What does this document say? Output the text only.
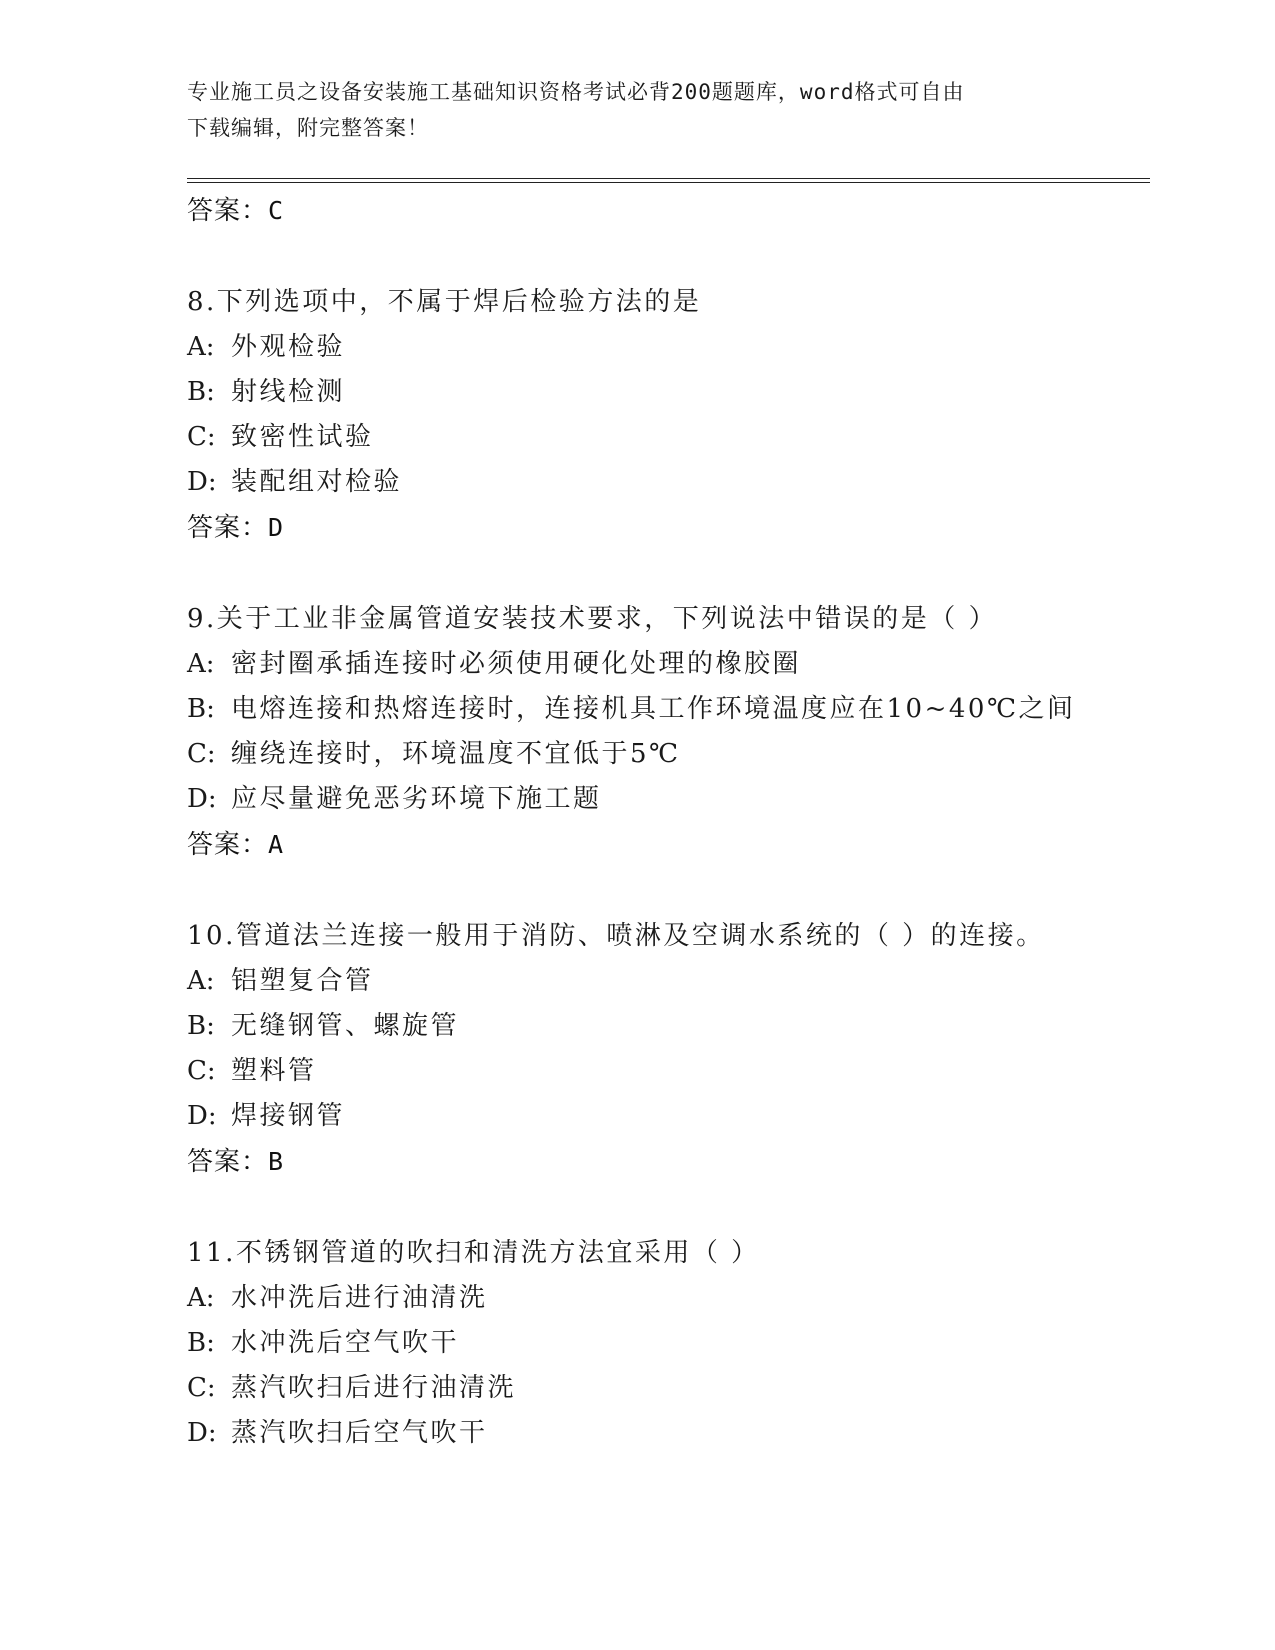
专业施工员之设备安装施工基础知识资格考试必背200题题库，word格式可自由
下载编辑，附完整答案！
答案：C
8.下列选项中，不属于焊后检验方法的是
A: 外观检验
B: 射线检测
C: 致密性试验
D: 装配组对检验
答案：D
9.关于工业非金属管道安装技术要求，下列说法中错误的是（ ）
A: 密封圈承插连接时必须使用硬化处理的橡胶圈
B: 电熔连接和热熔连接时，连接机具工作环境温度应在10~40℃之间
C: 缠绕连接时，环境温度不宜低于5℃
D: 应尽量避免恶劣环境下施工题
答案：A
10.管道法兰连接一般用于消防、喷淋及空调水系统的（ ）的连接。
A: 铝塑复合管
B: 无缝钢管、螺旋管
C: 塑料管
D: 焊接钢管
答案：B
11.不锈钢管道的吹扫和清洗方法宜采用（ ）
A: 水冲洗后进行油清洗
B: 水冲洗后空气吹干
C: 蒸汽吹扫后进行油清洗
D: 蒸汽吹扫后空气吹干
